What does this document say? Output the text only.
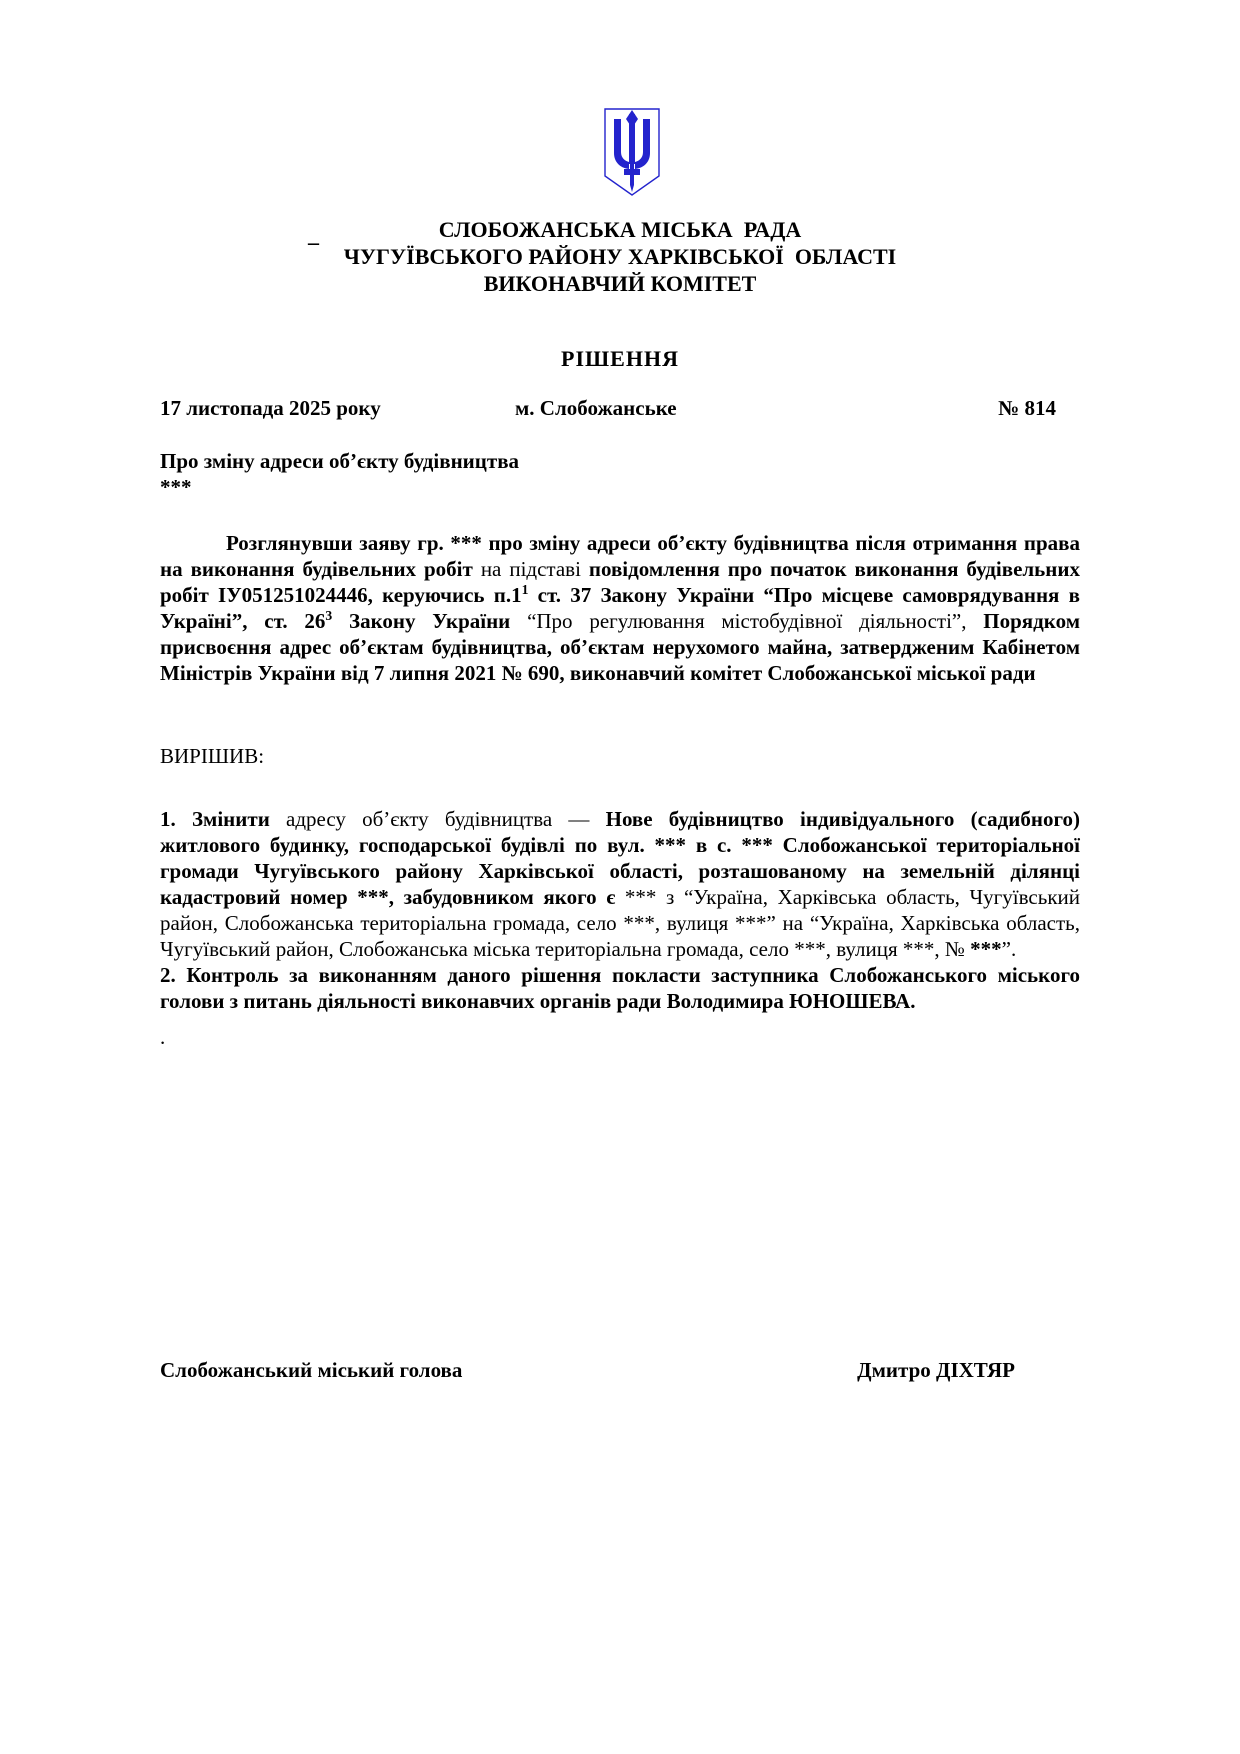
_	СЛОБОЖАНСЬКА МІСЬКА  РАДА
ЧУГУЇВСЬКОГО РАЙОНУ ХАРКІВСЬКОЇ  ОБЛАСТІ
ВИКОНАВЧИЙ КОМІТЕТ
РІШЕННЯ
17 листопада 2025 року	м. Слобожанське	№ 814
Про зміну адреси об’єкту будівництва
***

Розглянувши заяву гр. *** про зміну адреси об’єкту будівництва після отримання права на виконання будівельних робіт на підставі повідомлення про початок виконання будівельних робіт ІУ051251024446, керуючись $п.1^1$ ст. 37 Закону України “Про місцеве самоврядування в Україні”, ст. $26^3$ Закону України “Про регулювання містобудівної діяльності”, Порядком присвоєння адрес об’єктам будівництва, об’єктам нерухомого майна, затвердженим Кабінетом Міністрів України від 7 липня 2021 № 690, виконавчий комітет Слобожанської міської ради

ВИРІШИВ:

1. Змінити адресу об’єкту будівництва — Нове будівництво індивідуального (садибного) житлового будинку, господарської будівлі по вул. *** в с. *** Слобожанської територіальної громади Чугуївського району Харківської області, розташованому на земельній ділянці кадастровий номер ***, забудовником якого є *** з “Україна, Харківська область, Чугуївський район, Слобожанська територіальна громада, село ***, вулиця ***” на “Україна, Харківська область, Чугуївський район, Слобожанська міська територіальна громада, село ***, вулиця ***, № ***”.

2. Контроль за виконанням даного рішення покласти заступника Слобожанського міського голови з питань діяльності виконавчих органів ради Володимира ЮНОШЕВА.

.

Слобожанський міський голова	Дмитро ДІХТЯР
